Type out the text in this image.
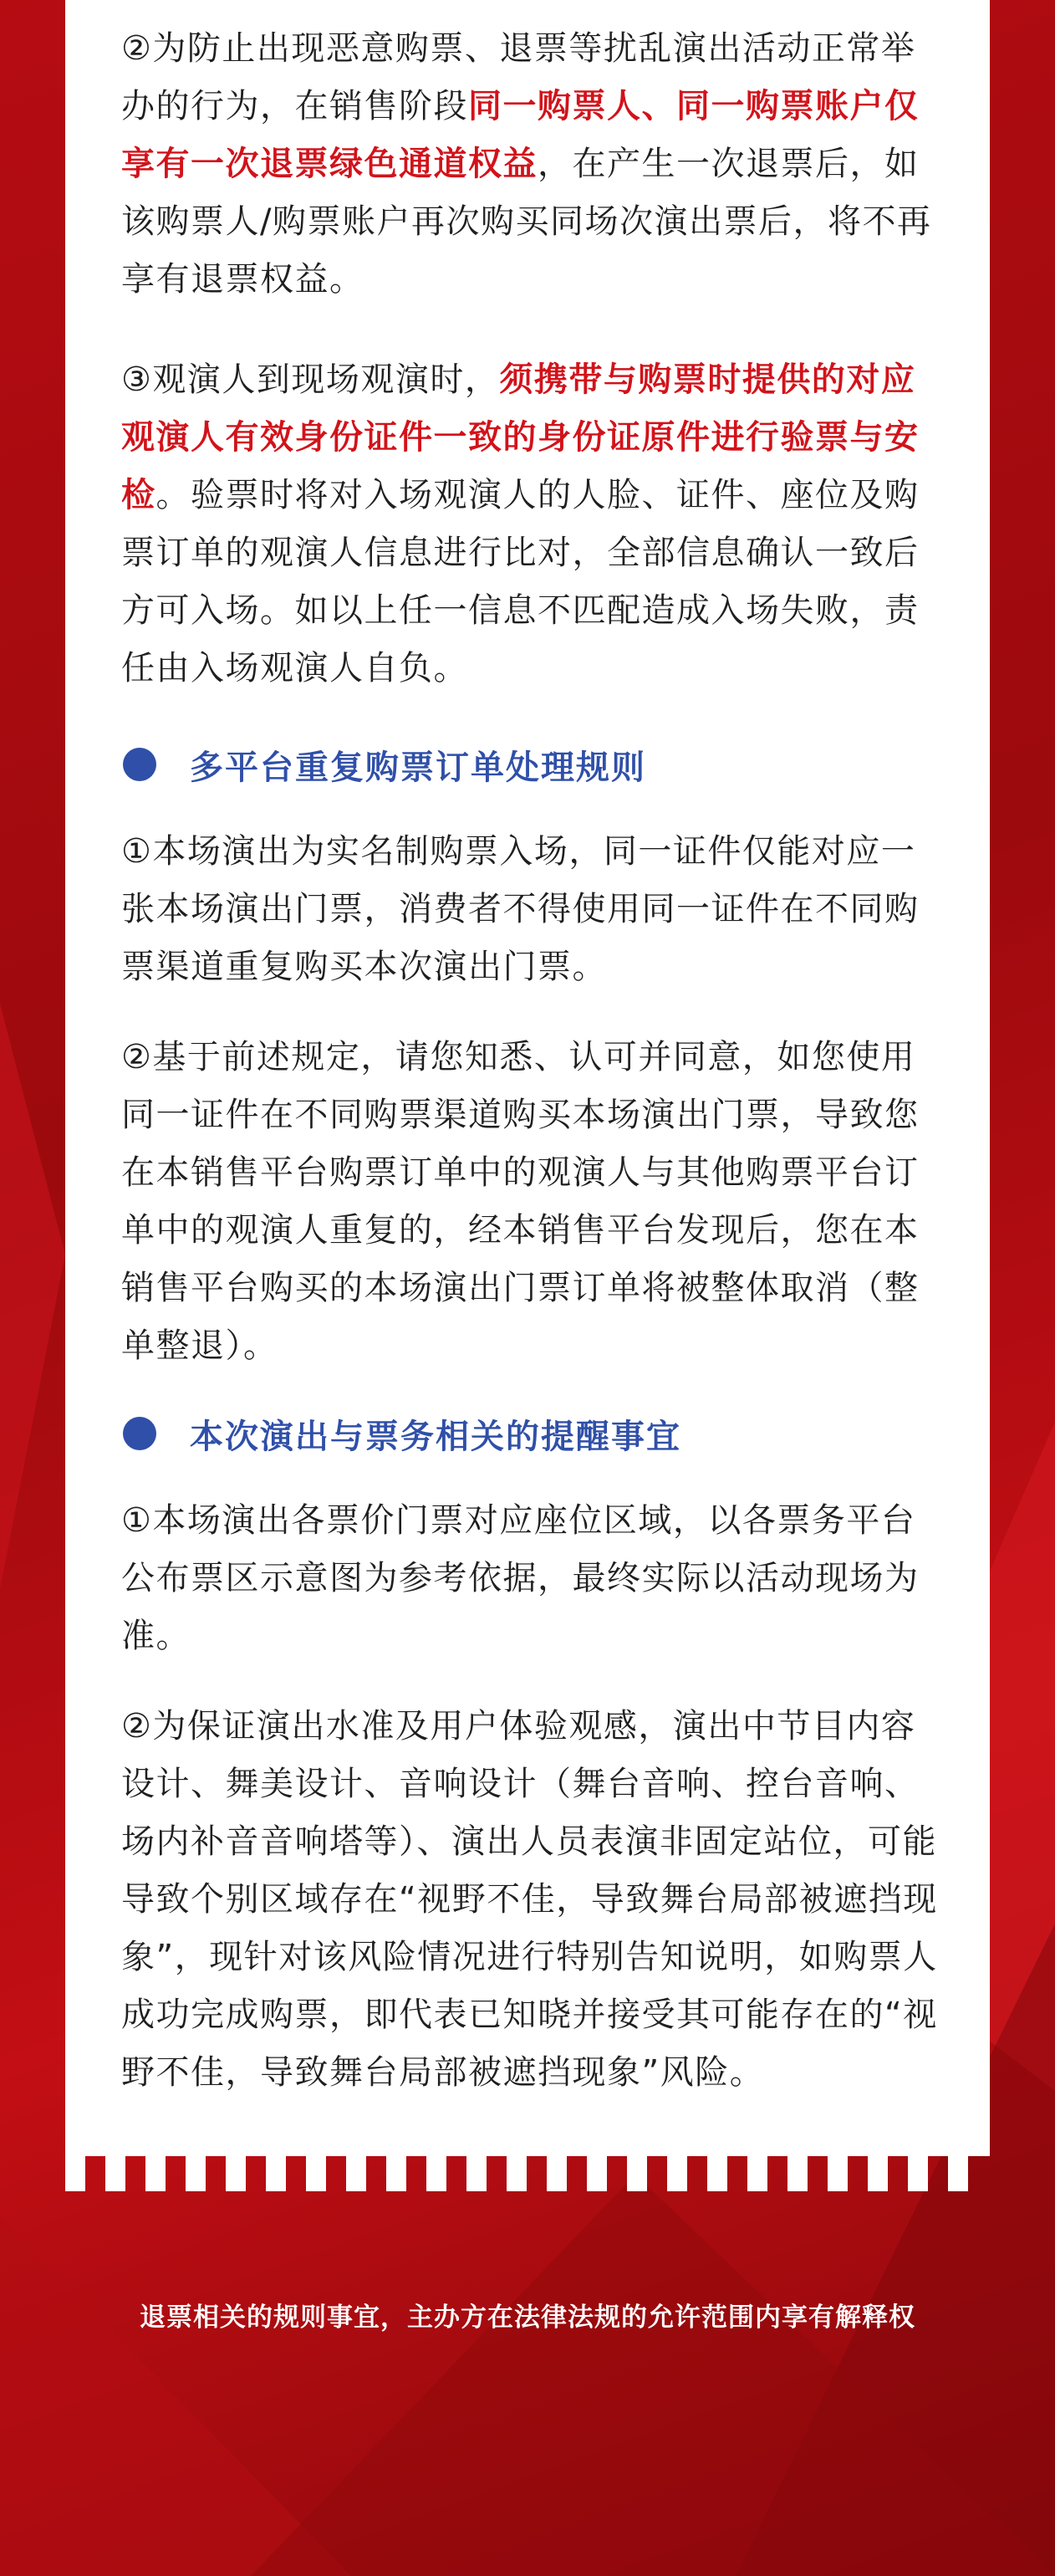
②为防止出现恶意购票、退票等扰乱演出活动正常举办的行为，在销售阶段同一购票人、同一购票账户仅享有一次退票绿色通道权益，在产生一次退票后，如该购票人/购票账户再次购买同场次演出票后，将不再享有退票权益。

③观演人到现场观演时，须携带与购票时提供的对应观演人有效身份证件一致的身份证原件进行验票与安检。验票时将对入场观演人的人脸、证件、座位及购票订单的观演人信息进行比对，全部信息确认一致后方可入场。如以上任一信息不匹配造成入场失败，责任由入场观演人自负。

多平台重复购票订单处理规则

①本场演出为实名制购票入场，同一证件仅能对应一张本场演出门票，消费者不得使用同一证件在不同购票渠道重复购买本次演出门票。

②基于前述规定，请您知悉、认可并同意，如您使用同一证件在不同购票渠道购买本场演出门票，导致您在本销售平台购票订单中的观演人与其他购票平台订单中的观演人重复的，经本销售平台发现后，您在本销售平台购买的本场演出门票订单将被整体取消（整单整退）。

本次演出与票务相关的提醒事宜

①本场演出各票价门票对应座位区域，以各票务平台公布票区示意图为参考依据，最终实际以活动现场为准。

②为保证演出水准及用户体验观感，演出中节目内容设计、舞美设计、音响设计（舞台音响、控台音响、场内补音音响塔等）、演出人员表演非固定站位，可能导致个别区域存在“视野不佳，导致舞台局部被遮挡现象”，现针对该风险情况进行特别告知说明，如购票人成功完成购票，即代表已知晓并接受其可能存在的“视野不佳，导致舞台局部被遮挡现象”风险。

退票相关的规则事宜，主办方在法律法规的允许范围内享有解释权
